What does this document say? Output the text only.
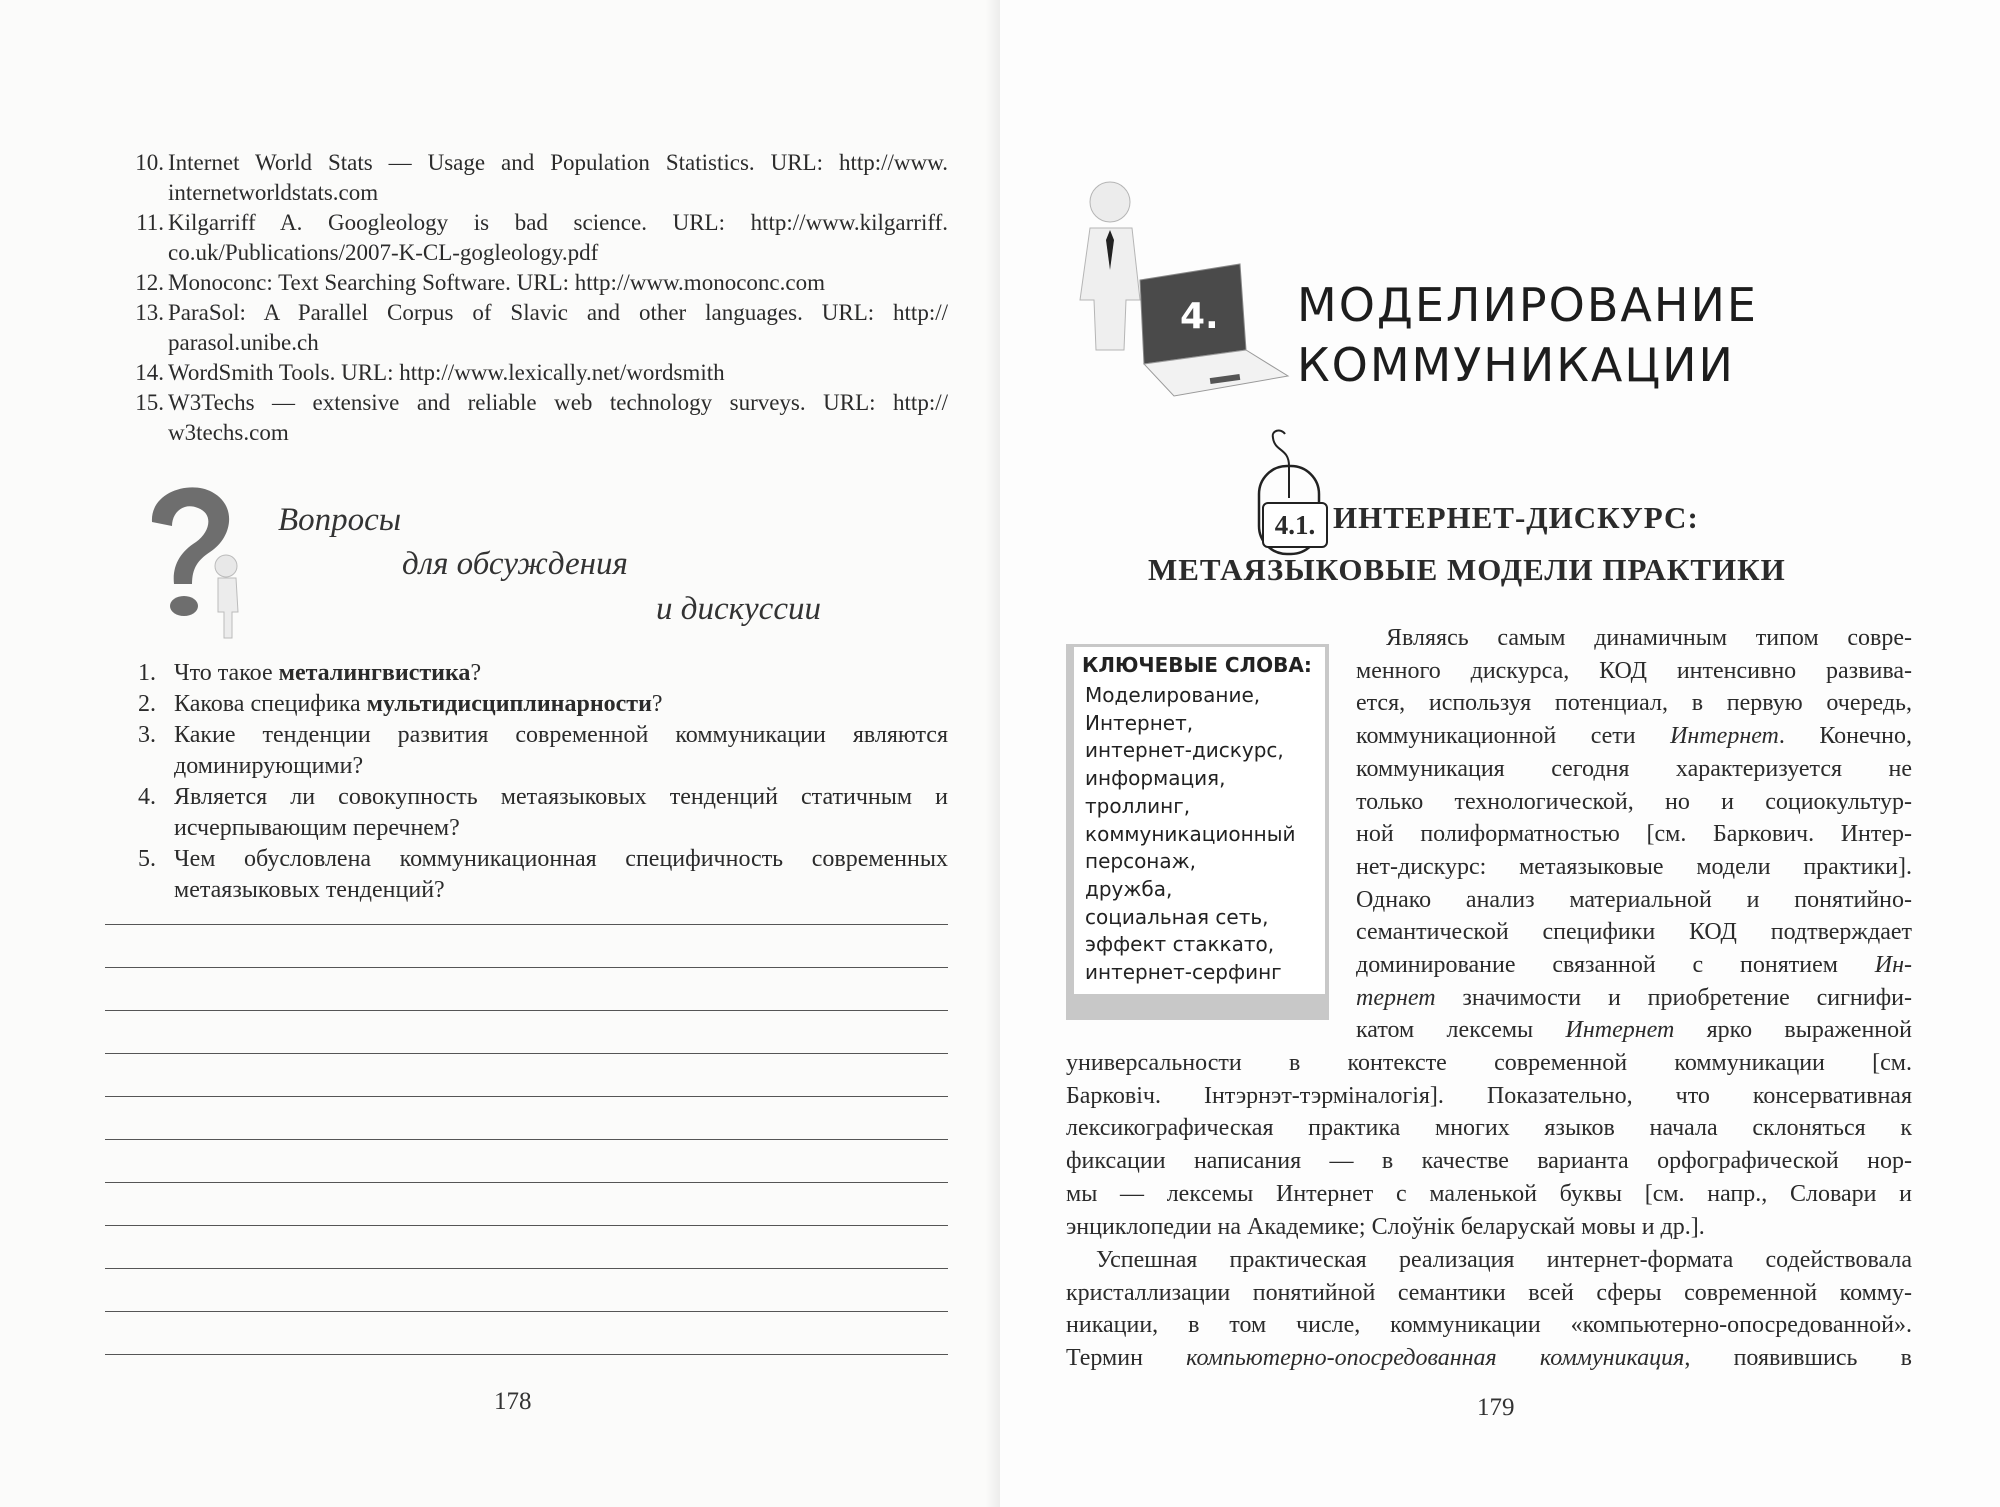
10. Internet World Stats — Usage and Population Statistics. URL: http://www. internetworldstats.com
11. Kilgarriff A. Googleology is bad science. URL: http://www.kilgarriff. co.uk/Publications/2007-K-CL-gogleology.pdf
12. Monoconc: Text Searching Software. URL: http://www.monoconc.com
13. ParaSol: A Parallel Corpus of Slavic and other languages. URL: http:// parasol.unibe.ch
14. WordSmith Tools. URL: http://www.lexically.net/wordsmith
15. W3Techs — extensive and reliable web technology surveys. URL: http:// w3techs.com
Вопросы
для обсуждения
и дискуссии
1. Что такое металингвистика?
2. Какова специфика мультидисциплинарности?
3. Какие тенденции развития современной коммуникации являются доминирующими?
4. Является ли совокупность метаязыковых тенденций статичным и исчерпывающим перечнем?
5. Чем обусловлена коммуникационная специфичность современных метаязыковых тенденций?
178
4. МОДЕЛИРОВАНИЕ
КОММУНИКАЦИИ
4.1. ИНТЕРНЕТ-ДИСКУРС:
МЕТАЯЗЫКОВЫЕ МОДЕЛИ ПРАКТИКИ
КЛЮЧЕВЫЕ СЛОВА:
Моделирование,
Интернет,
интернет-дискурс,
информация,
троллинг,
коммуникационный
персонаж,
дружба,
социальная сеть,
эффект стаккато,
интернет-серфинг
Являясь самым динамичным типом совре-
менного дискурса, КОД интенсивно развива-
ется, используя потенциал, в первую очередь,
коммуникационной сети Интернет. Конечно,
коммуникация сегодня характеризуется не
только технологической, но и социокультур-
ной полиформатностью [см. Баркович. Интер-
нет-дискурс: метаязыковые модели практики].
Однако анализ материальной и понятийно-
семантической специфики КОД подтверждает
доминирование связанной с понятием Ин-
тернет значимости и приобретение сигнифи-
катом лексемы Интернет ярко выраженной
универсальности в контексте современной коммуникации [см.
Барковіч. Інтэрнэт-тэрміналогія]. Показательно, что консервативная
лексикографическая практика многих языков начала склоняться к
фиксации написания — в качестве варианта орфографической нор-
мы — лексемы Интернет с маленькой буквы [см. напр., Словари и
энциклопедии на Академике; Слоўнік беларускай мовы и др.].
Успешная практическая реализация интернет-формата содействовала
кристаллизации понятийной семантики всей сферы современной комму-
никации, в том числе, коммуникации «компьютерно-опосредованной».
Термин компьютерно-опосредованная коммуникация, появившись в
179
